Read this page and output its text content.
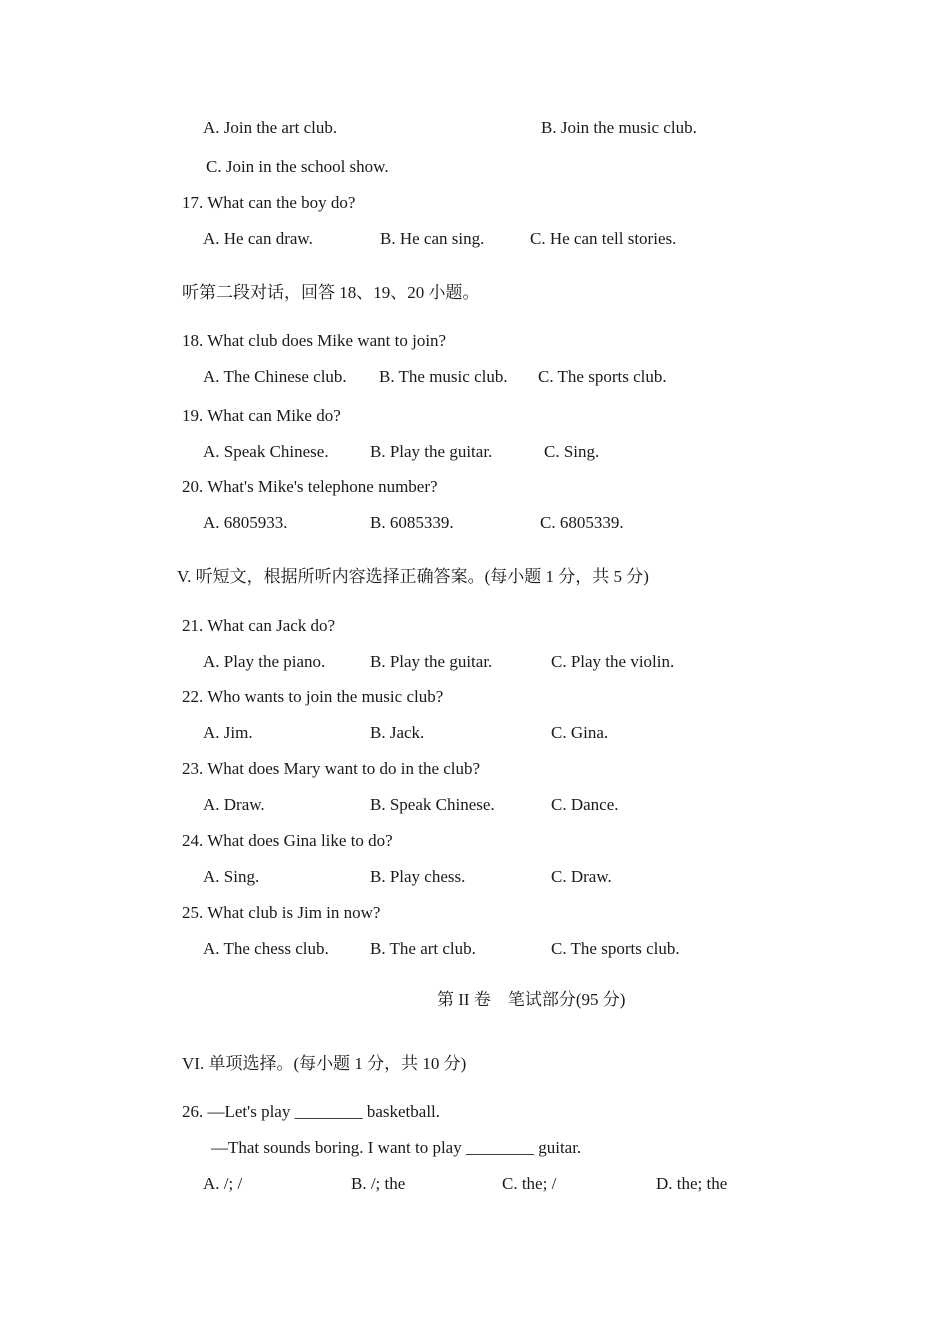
A. Join the art club.	B. Join the music club.
C. Join in the school show.
17. What can the boy do?
A. He can draw.	B. He can sing.	C. He can tell stories.
听第二段对话，回答 18、19、20 小题。
18. What club does Mike want to join?
A. The Chinese club. B. The music club. C. The sports club.
19. What can Mike do?
A. Speak Chinese. B. Play the guitar.	C. Sing.
20. What's Mike's telephone number?
A. 6805933.	B. 6085339.	C. 6805339.
V. 听短文，根据所听内容选择正确答案。(每小题 1 分，共 5 分)
21. What can Jack do?
A. Play the piano.	B. Play the guitar.	C. Play the violin.
22. Who wants to join the music club?
A. Jim.	B. Jack.	C. Gina.
23. What does Mary want to do in the club?
A. Draw.	B. Speak Chinese.	C. Dance.
24. What does Gina like to do?
A. Sing.	B. Play chess.	C. Draw.
25. What club is Jim in now?
A. The chess club. B. The art club.	C. The sports club.
第 II 卷　笔试部分(95 分)
VI. 单项选择。(每小题 1 分，共 10 分)
26. —Let's play ________ basketball.
—That sounds boring. I want to play ________ guitar.
A. /; /	B. /; the	C. the; /	D. the; the
